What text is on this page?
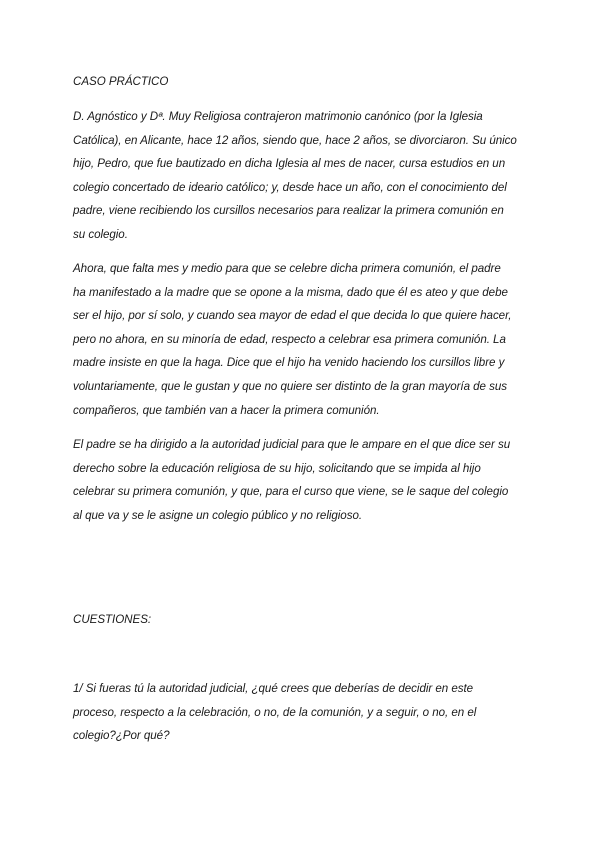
CASO PRÁCTICO

D. Agnóstico y Dª. Muy Religiosa contrajeron matrimonio canónico (por la Iglesia
Católica), en Alicante, hace 12 años, siendo que, hace 2 años, se divorciaron. Su único
hijo, Pedro, que fue bautizado en dicha Iglesia al mes de nacer, cursa estudios en un
colegio concertado de ideario católico; y, desde hace un año, con el conocimiento del
padre, viene recibiendo los cursillos necesarios para realizar la primera comunión en
su colegio.

Ahora, que falta mes y medio para que se celebre dicha primera comunión, el padre
ha manifestado a la madre que se opone a la misma, dado que él es ateo y que debe
ser el hijo, por sí solo, y cuando sea mayor de edad el que decida lo que quiere hacer,
pero no ahora, en su minoría de edad, respecto a celebrar esa primera comunión. La
madre insiste en que la haga. Dice que el hijo ha venido haciendo los cursillos libre y
voluntariamente, que le gustan y que no quiere ser distinto de la gran mayoría de sus
compañeros, que también van a hacer la primera comunión.

El padre se ha dirigido a la autoridad judicial para que le ampare en el que dice ser su
derecho sobre la educación religiosa de su hijo, solicitando que se impida al hijo
celebrar su primera comunión, y que, para el curso que viene, se le saque del colegio
al que va y se le asigne un colegio público y no religioso.

CUESTIONES:

1/ Si fueras tú la autoridad judicial, ¿qué crees que deberías de decidir en este
proceso, respecto a la celebración, o no, de la comunión, y a seguir, o no, en el
colegio?¿Por qué?
